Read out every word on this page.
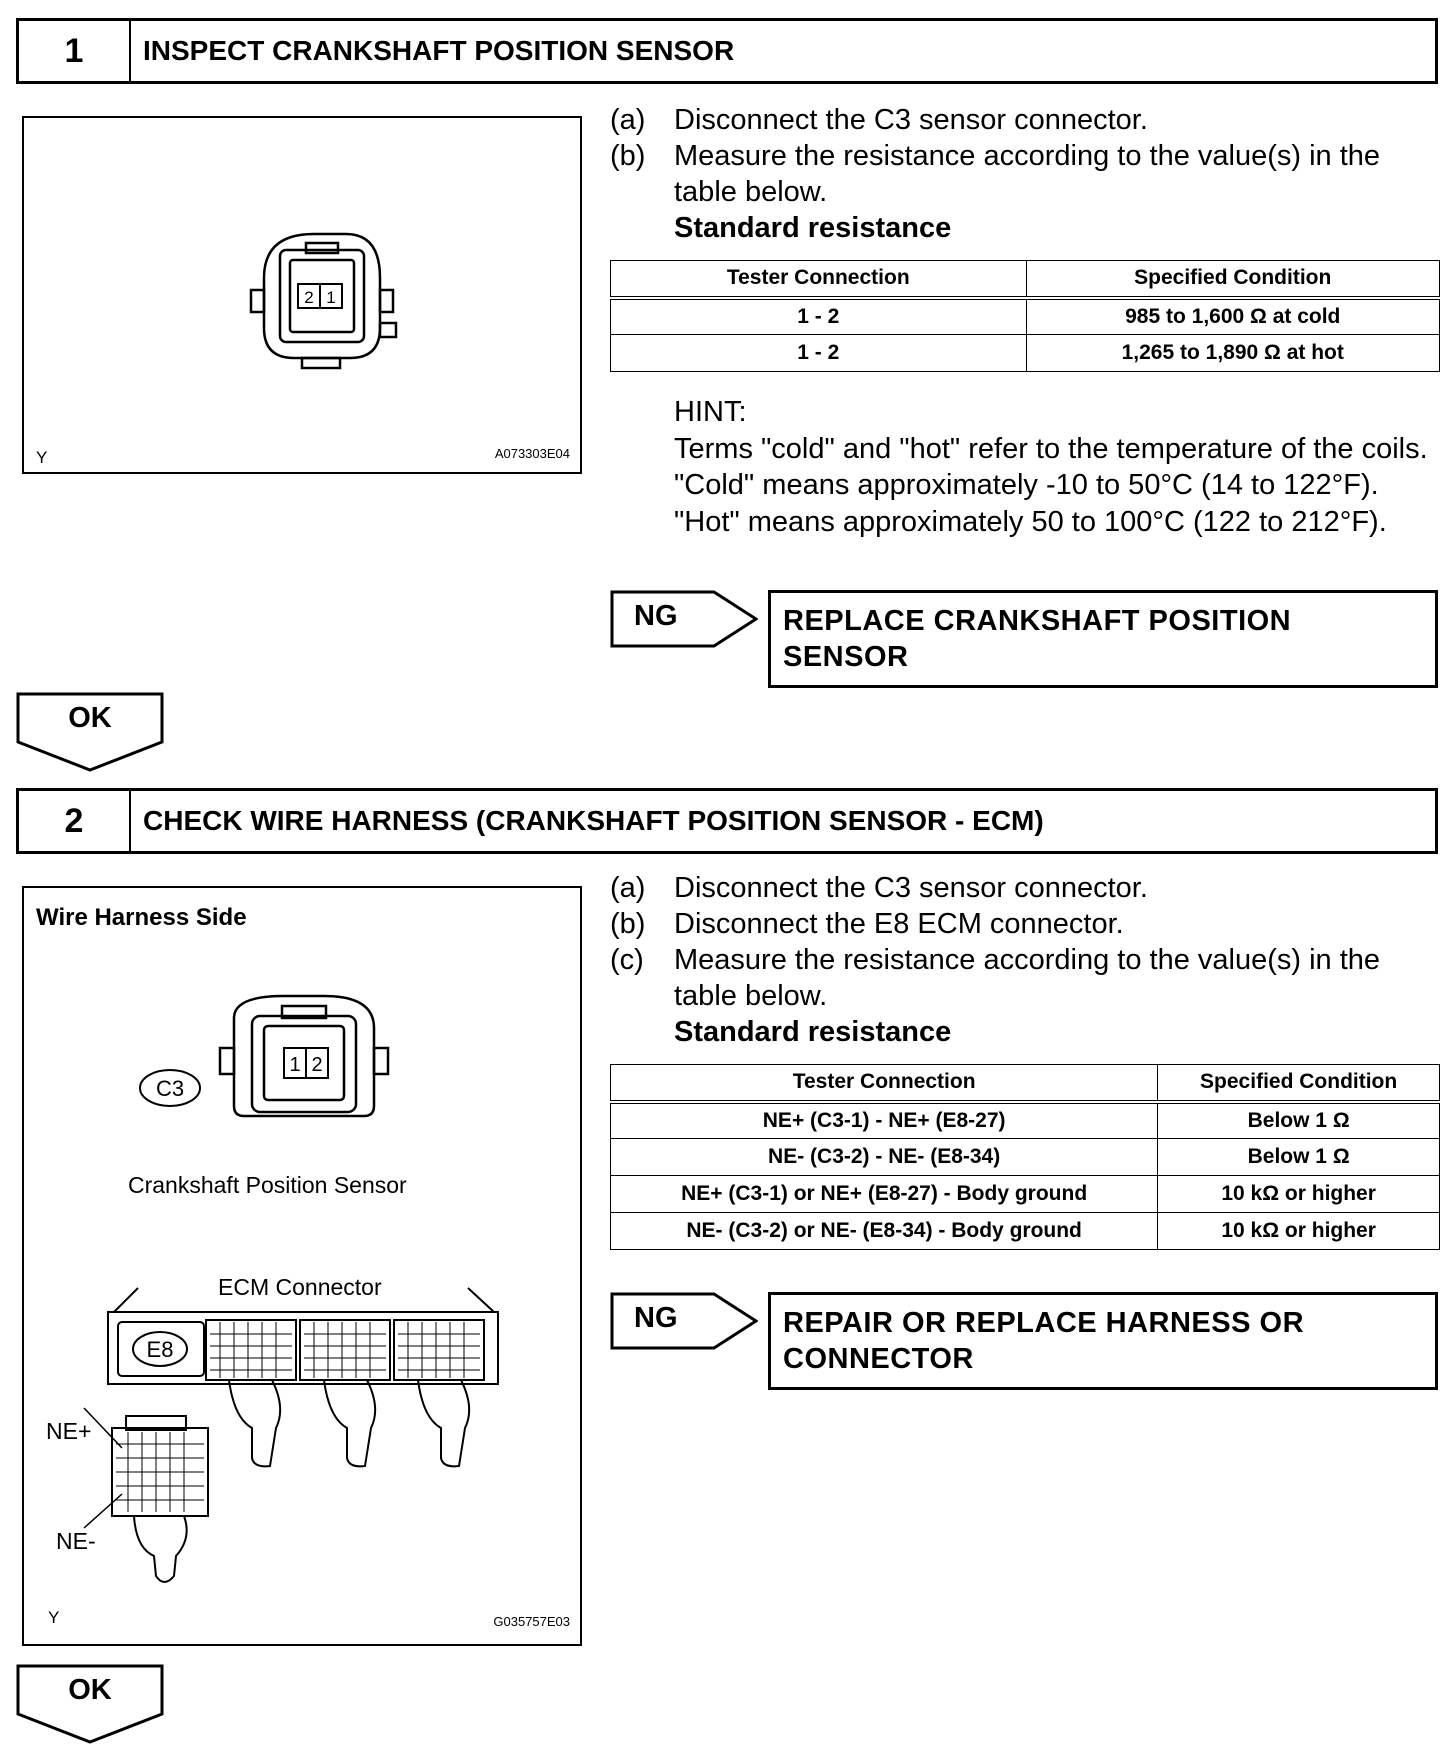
1	INSPECT CRANKSHAFT POSITION SENSOR
2 1
Y	A073303E04
(a) Disconnect the C3 sensor connector.
(b) Measure the resistance according to the value(s) in the table below.
Standard resistance
Tester Connection	Specified Condition
1 - 2	985 to 1,600 Ω at cold
1 - 2	1,265 to 1,890 Ω at hot
HINT:
Terms "cold" and "hot" refer to the temperature of the coils. "Cold" means approximately -10 to 50°C (14 to 122°F). "Hot" means approximately 50 to 100°C (122 to 212°F).
NG	REPLACE CRANKSHAFT POSITION SENSOR
OK
2	CHECK WIRE HARNESS (CRANKSHAFT POSITION SENSOR - ECM)
Wire Harness Side
1 2
C3
E8
Crankshaft Position Sensor
ECM Connector
NE+
NE-
Y	G035757E03
(a) Disconnect the C3 sensor connector.
(b) Disconnect the E8 ECM connector.
(c)	Measure the resistance according to the value(s) in the table below.
Standard resistance
Tester Connection	Specified Condition
NE+ (C3-1) - NE+ (E8-27)	Below 1 Ω
NE- (C3-2) - NE- (E8-34)	Below 1 Ω
NE+ (C3-1) or NE+ (E8-27) - Body ground	10 kΩ or higher
NE- (C3-2) or NE- (E8-34) - Body ground	10 kΩ or higher
NG	REPAIR OR REPLACE HARNESS OR CONNECTOR
OK
